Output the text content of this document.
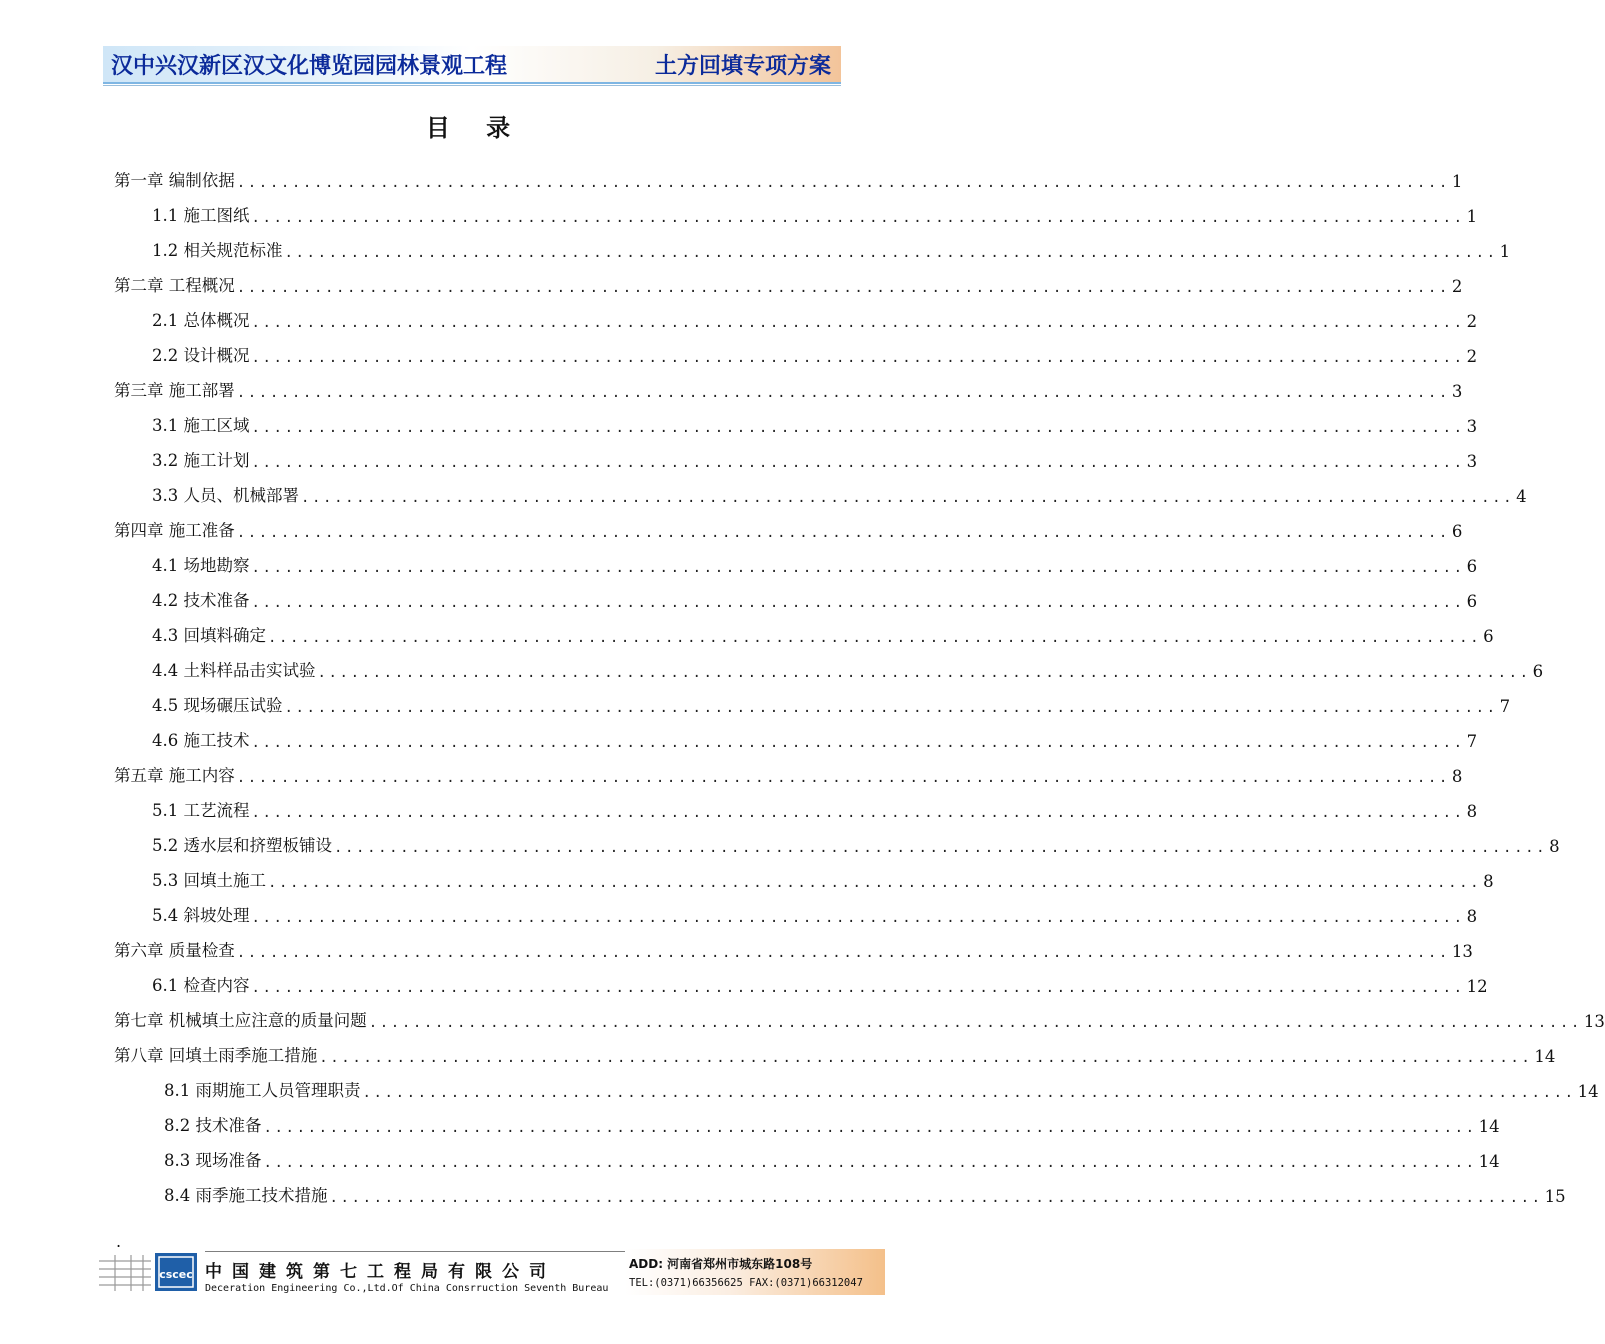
汉中兴汉新区汉文化博览园园林景观工程	土方回填专项方案
目 录
第一章 编制依据 .............................................................................................................. 1
1.1 施工图纸 .............................................................................................................. 1
1.2 相关规范标准 .............................................................................................................. 1
第二章 工程概况 .............................................................................................................. 2
2.1 总体概况 .............................................................................................................. 2
2.2 设计概况 .............................................................................................................. 2
第三章 施工部署 .............................................................................................................. 3
3.1 施工区域 .............................................................................................................. 3
3.2 施工计划 .............................................................................................................. 3
3.3 人员、机械部署 .............................................................................................................. 4
第四章 施工准备 .............................................................................................................. 6
4.1 场地勘察 .............................................................................................................. 6
4.2 技术准备 .............................................................................................................. 6
4.3 回填料确定 .............................................................................................................. 6
4.4 土料样品击实试验 .............................................................................................................. 6
4.5 现场碾压试验 .............................................................................................................. 7
4.6 施工技术 .............................................................................................................. 7
第五章 施工内容 .............................................................................................................. 8
5.1 工艺流程 .............................................................................................................. 8
5.2 透水层和挤塑板铺设 .............................................................................................................. 8
5.3 回填土施工 .............................................................................................................. 8
5.4 斜坡处理 .............................................................................................................. 8
第六章 质量检查 .............................................................................................................. 13
6.1 检查内容 .............................................................................................................. 12
第七章 机械填土应注意的质量问题 .............................................................................................................. 13
第八章 回填土雨季施工措施 .............................................................................................................. 14
8.1 雨期施工人员管理职责 .............................................................................................................. 14
8.2 技术准备 .............................................................................................................. 14
8.3 现场准备 .............................................................................................................. 14
8.4 雨季施工技术措施 .............................................................................................................. 15
.
cscec 中国建筑第七工程局有限公司
Deceration Engineering Co.,Ltd.Of China Consrruction Seventh Bureau
ADD: 河南省郑州市城东路108号
TEL:(0371)66356625 FAX:(0371)66312047
